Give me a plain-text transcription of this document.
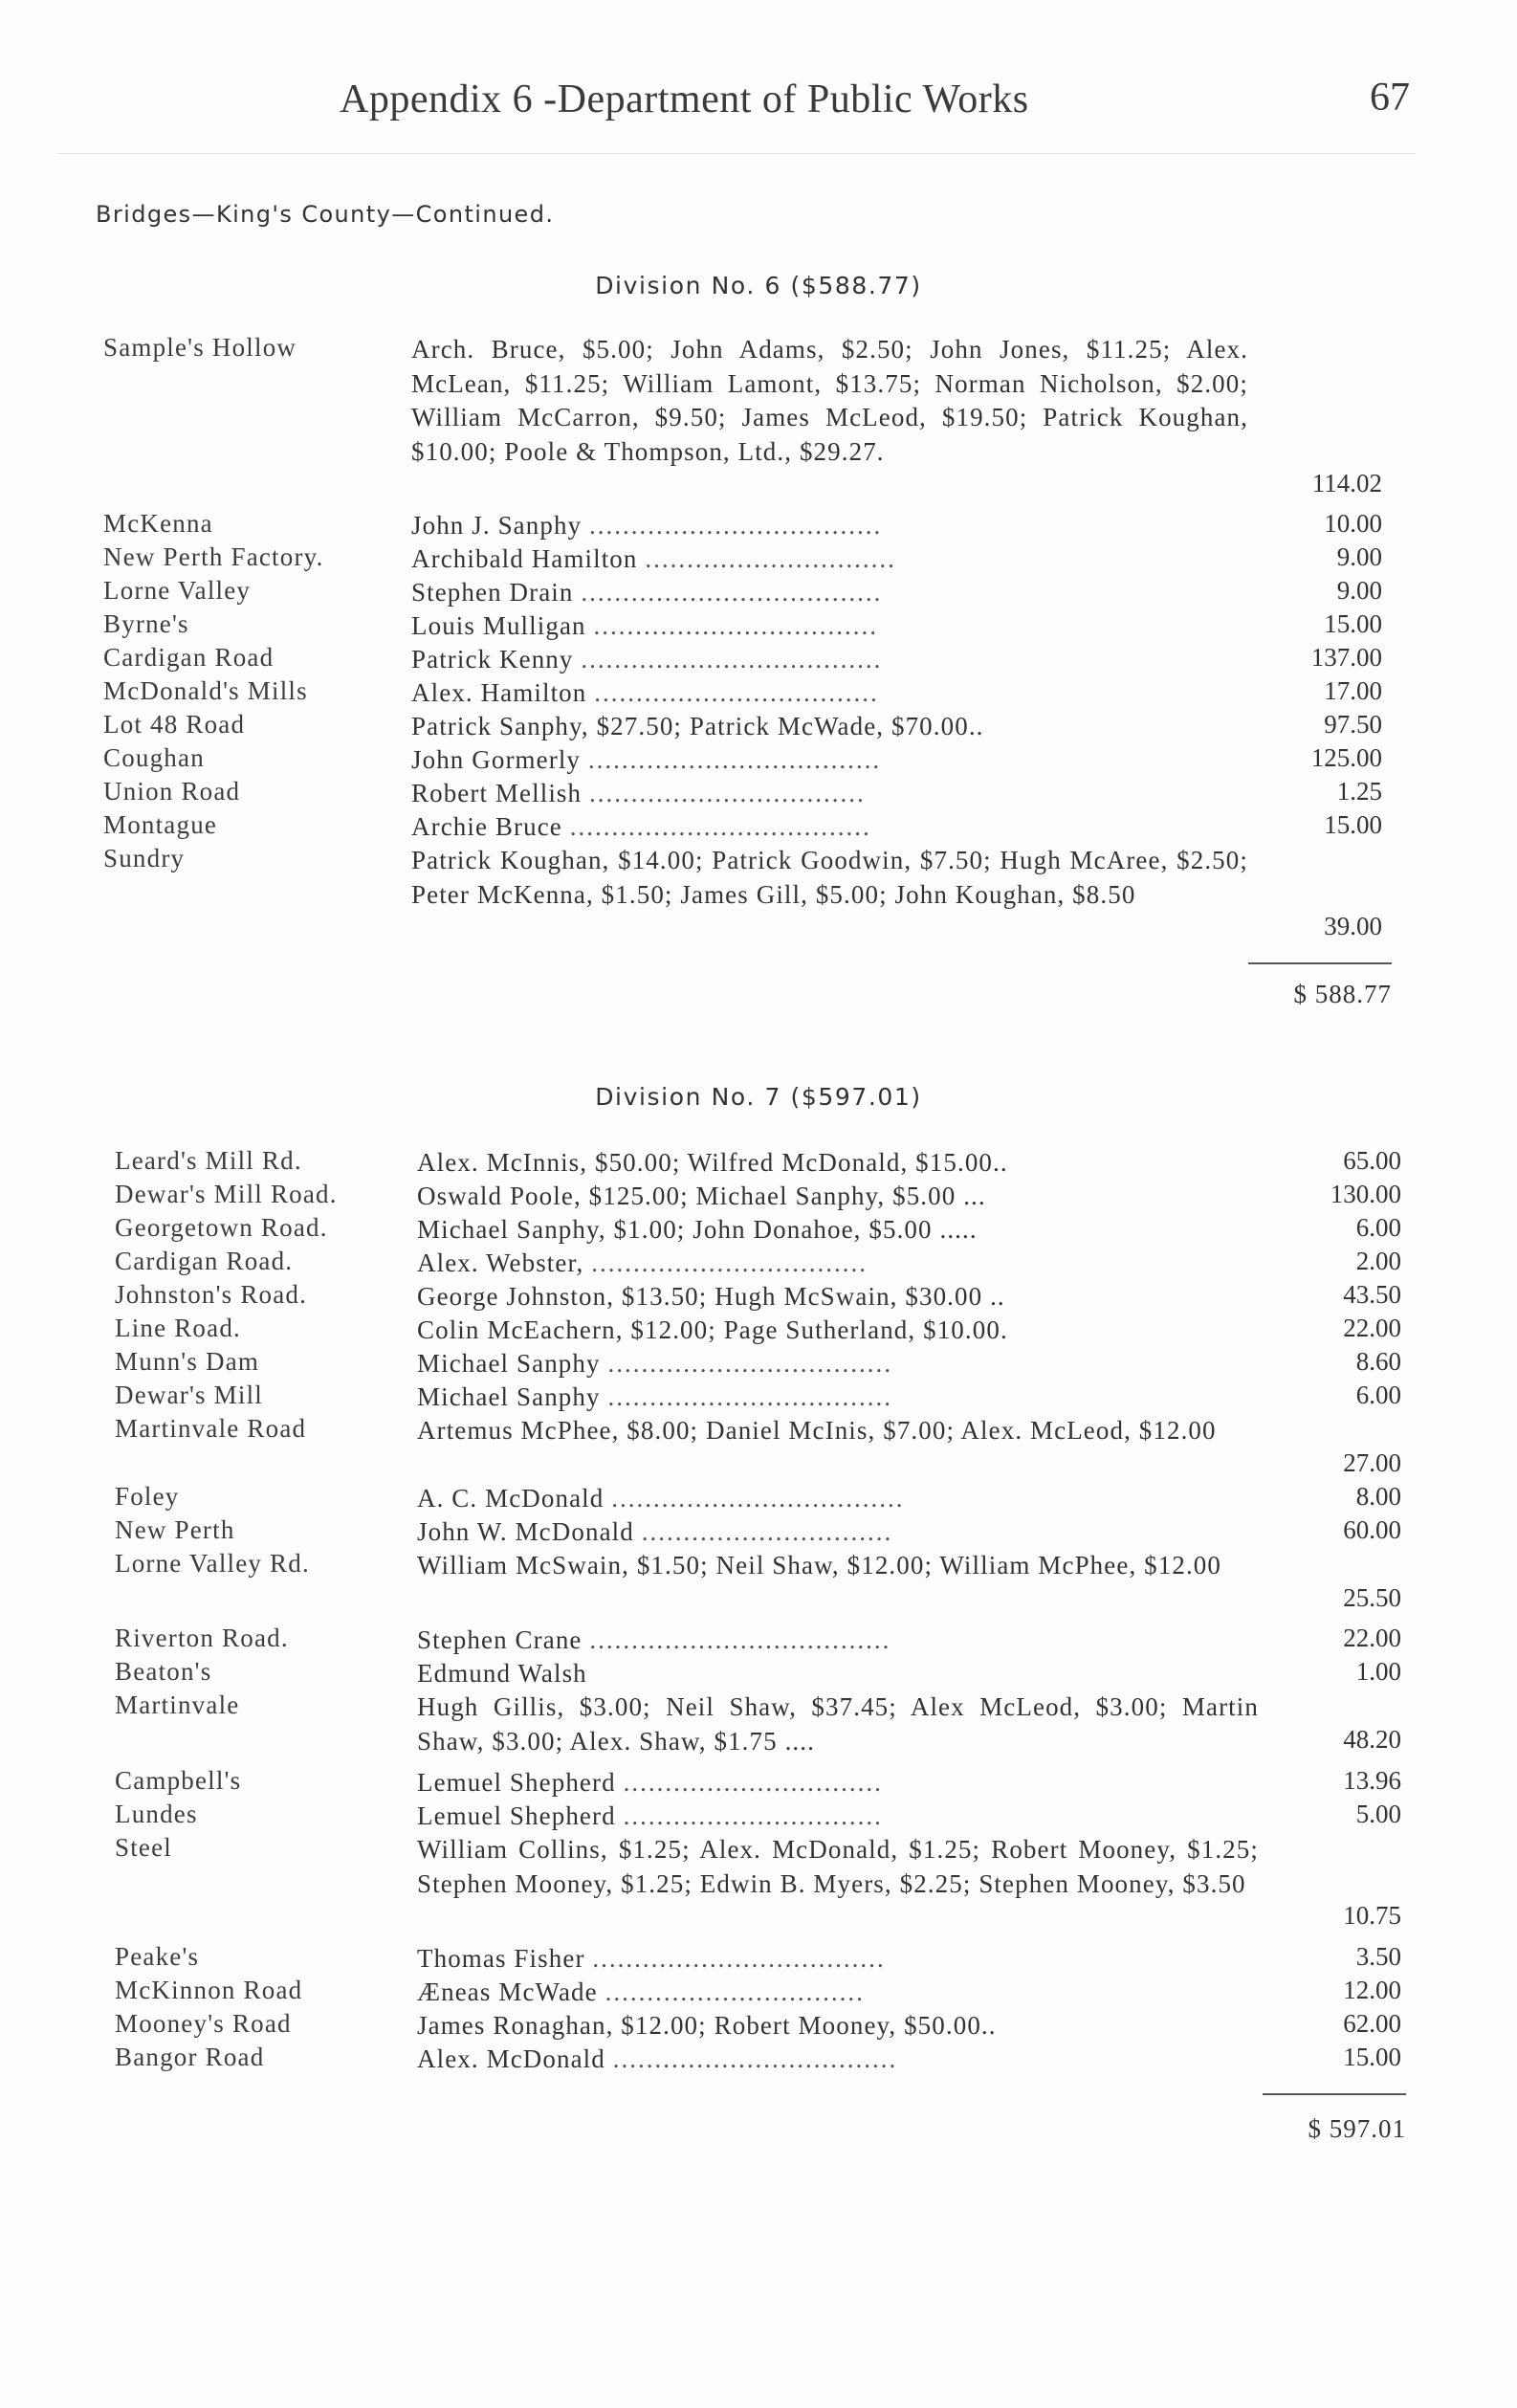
Appendix 6 -Department of Public Works	67
Bridges—King's County—Continued.
Division No. 6 ($588.77)
Sample's Hollow	Arch. Bruce, $5.00; John Adams, $2.50; John Jones, $11.25; Alex. McLean, $11.25; William Lamont, $13.75; Norman Nicholson, $2.00; William McCarron, $9.50; James McLeod, $19.50; Patrick Koughan, $10.00; Poole & Thompson, Ltd., $29.27.
114.02
McKenna	John J. Sanphy ...................................	10.00
New Perth Factory.	Archibald Hamilton ..............................	9.00
Lorne Valley	Stephen Drain ....................................	9.00
Byrne's	Louis Mulligan ..................................	15.00
Cardigan Road	Patrick Kenny ....................................	137.00
McDonald's Mills	Alex. Hamilton ..................................	17.00
Lot 48 Road	Patrick Sanphy, $27.50; Patrick McWade, $70.00..	97.50
Coughan	John Gormerly ...................................	125.00
Union Road	Robert Mellish .................................	1.25
Montague	Archie Bruce ....................................	15.00
Sundry	Patrick Koughan, $14.00; Patrick Goodwin, $7.50; Hugh McAree, $2.50; Peter McKenna, $1.50; James Gill, $5.00; John Koughan, $8.50
39.00
$ 588.77
Division No. 7 ($597.01)
Leard's Mill Rd.	Alex. McInnis, $50.00; Wilfred McDonald, $15.00..	65.00
Dewar's Mill Road.	Oswald Poole, $125.00; Michael Sanphy, $5.00 ...	130.00
Georgetown Road.	Michael Sanphy, $1.00; John Donahoe, $5.00 .....	6.00
Cardigan Road.	Alex. Webster, .................................	2.00
Johnston's Road.	George Johnston, $13.50; Hugh McSwain, $30.00 ..	43.50
Line Road.	Colin McEachern, $12.00; Page Sutherland, $10.00.	22.00
Munn's Dam	Michael Sanphy ..................................	8.60
Dewar's Mill	Michael Sanphy ..................................	6.00
Martinvale Road	Artemus McPhee, $8.00; Daniel McInis, $7.00; Alex. McLeod, $12.00
27.00
Foley	A. C. McDonald ...................................	8.00
New Perth	John W. McDonald ..............................	60.00
Lorne Valley Rd.	William McSwain, $1.50; Neil Shaw, $12.00; William McPhee, $12.00
25.50
Riverton Road.	Stephen Crane ....................................	22.00
Beaton's	Edmund Walsh	1.00
Martinvale	Hugh Gillis, $3.00; Neil Shaw, $37.45; Alex McLeod, $3.00; Martin Shaw, $3.00; Alex. Shaw, $1.75 ....	48.20
Campbell's	Lemuel Shepherd ...............................	13.96
Lundes	Lemuel Shepherd ...............................	5.00
Steel	William Collins, $1.25; Alex. McDonald, $1.25; Robert Mooney, $1.25; Stephen Mooney, $1.25; Edwin B. Myers, $2.25; Stephen Mooney, $3.50
10.75
Peake's	Thomas Fisher ...................................	3.50
McKinnon Road	Æneas McWade ...............................	12.00
Mooney's Road	James Ronaghan, $12.00; Robert Mooney, $50.00..	62.00
Bangor Road	Alex. McDonald ..................................	15.00
$ 597.01
